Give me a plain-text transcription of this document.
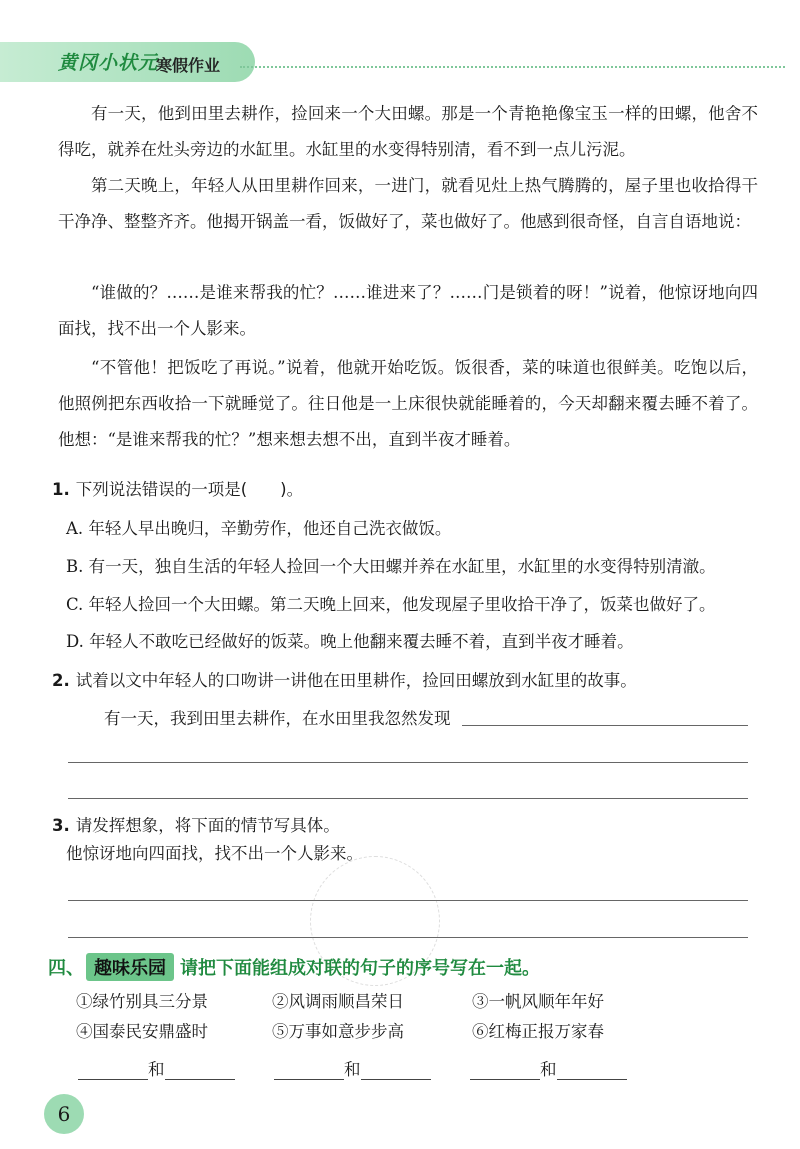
黄冈小状元
寒假作业

有一天，他到田里去耕作，捡回来一个大田螺。那是一个青艳艳像宝玉一样的田螺，他舍不得吃，就养在灶头旁边的水缸里。水缸里的水变得特别清，看不到一点儿污泥。

第二天晚上，年轻人从田里耕作回来，一进门，就看见灶上热气腾腾的，屋子里也收拾得干干净净、整整齐齐。他揭开锅盖一看，饭做好了，菜也做好了。他感到很奇怪，自言自语地说：

“谁做的？……是谁来帮我的忙？……谁进来了？……门是锁着的呀！”说着，他惊讶地向四面找，找不出一个人影来。

“不管他！把饭吃了再说。”说着，他就开始吃饭。饭很香，菜的味道也很鲜美。吃饱以后，他照例把东西收拾一下就睡觉了。往日他是一上床很快就能睡着的，今天却翻来覆去睡不着了。他想：“是谁来帮我的忙？”想来想去想不出，直到半夜才睡着。

1. 下列说法错误的一项是(　　)。
A. 年轻人早出晚归，辛勤劳作，他还自己洗衣做饭。
B. 有一天，独自生活的年轻人捡回一个大田螺并养在水缸里，水缸里的水变得特别清澈。
C. 年轻人捡回一个大田螺。第二天晚上回来，他发现屋子里收拾干净了，饭菜也做好了。
D. 年轻人不敢吃已经做好的饭菜。晚上他翻来覆去睡不着，直到半夜才睡着。
2. 试着以文中年轻人的口吻讲一讲他在田里耕作，捡回田螺放到水缸里的故事。
有一天，我到田里去耕作，在水田里我忽然发现
3. 请发挥想象，将下面的情节写具体。
他惊讶地向四面找，找不出一个人影来。
四、 趣味乐园 请把下面能组成对联的句子的序号写在一起。
①绿竹别具三分景	②风调雨顺昌荣日	③一帆风顺年年好
④国泰民安鼎盛时	⑤万事如意步步高	⑥红梅正报万家春
和	和	和
6
